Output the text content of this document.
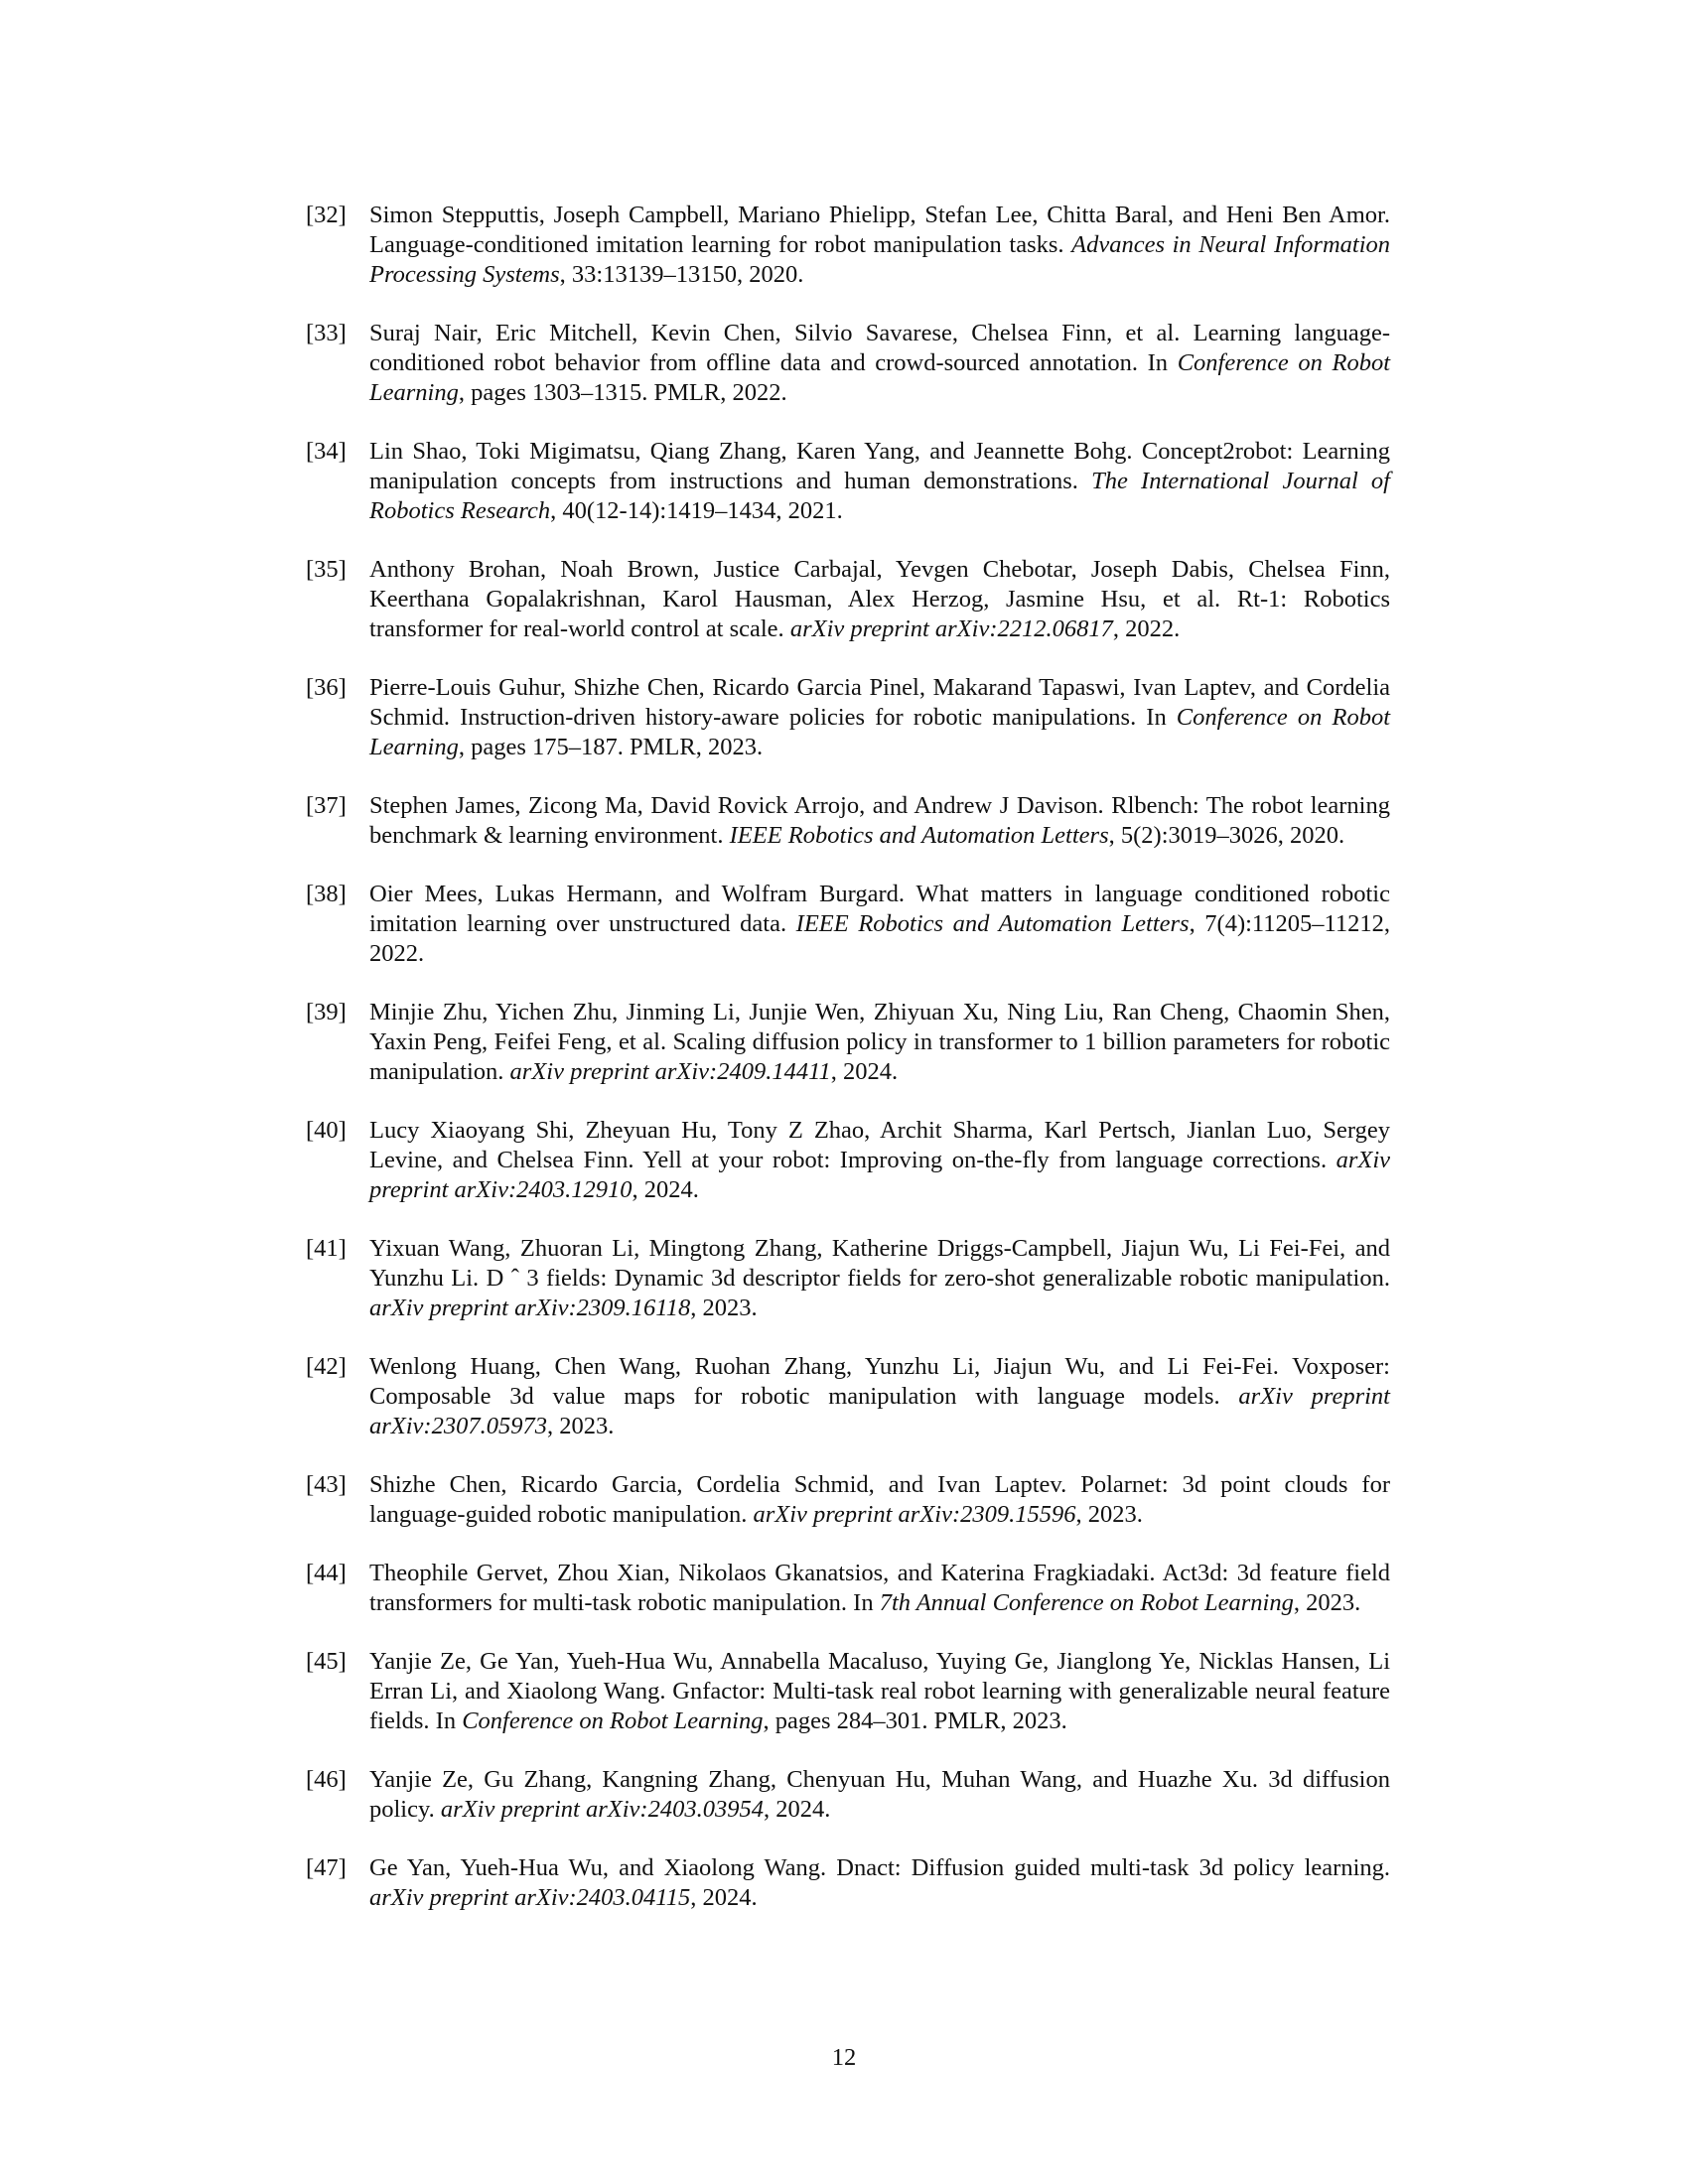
[32] Simon Stepputtis, Joseph Campbell, Mariano Phielipp, Stefan Lee, Chitta Baral, and Heni Ben Amor. Language-conditioned imitation learning for robot manipulation tasks. Advances in Neural Information Processing Systems, 33:13139–13150, 2020.
[33] Suraj Nair, Eric Mitchell, Kevin Chen, Silvio Savarese, Chelsea Finn, et al. Learning language-conditioned robot behavior from offline data and crowd-sourced annotation. In Conference on Robot Learning, pages 1303–1315. PMLR, 2022.
[34] Lin Shao, Toki Migimatsu, Qiang Zhang, Karen Yang, and Jeannette Bohg. Concept2robot: Learning manipulation concepts from instructions and human demonstrations. The International Journal of Robotics Research, 40(12-14):1419–1434, 2021.
[35] Anthony Brohan, Noah Brown, Justice Carbajal, Yevgen Chebotar, Joseph Dabis, Chelsea Finn, Keerthana Gopalakrishnan, Karol Hausman, Alex Herzog, Jasmine Hsu, et al. Rt-1: Robotics transformer for real-world control at scale. arXiv preprint arXiv:2212.06817, 2022.
[36] Pierre-Louis Guhur, Shizhe Chen, Ricardo Garcia Pinel, Makarand Tapaswi, Ivan Laptev, and Cordelia Schmid. Instruction-driven history-aware policies for robotic manipulations. In Conference on Robot Learning, pages 175–187. PMLR, 2023.
[37] Stephen James, Zicong Ma, David Rovick Arrojo, and Andrew J Davison. Rlbench: The robot learning benchmark & learning environment. IEEE Robotics and Automation Letters, 5(2):3019–3026, 2020.
[38] Oier Mees, Lukas Hermann, and Wolfram Burgard. What matters in language conditioned robotic imitation learning over unstructured data. IEEE Robotics and Automation Letters, 7(4):11205–11212, 2022.
[39] Minjie Zhu, Yichen Zhu, Jinming Li, Junjie Wen, Zhiyuan Xu, Ning Liu, Ran Cheng, Chaomin Shen, Yaxin Peng, Feifei Feng, et al. Scaling diffusion policy in transformer to 1 billion parameters for robotic manipulation. arXiv preprint arXiv:2409.14411, 2024.
[40] Lucy Xiaoyang Shi, Zheyuan Hu, Tony Z Zhao, Archit Sharma, Karl Pertsch, Jianlan Luo, Sergey Levine, and Chelsea Finn. Yell at your robot: Improving on-the-fly from language corrections. arXiv preprint arXiv:2403.12910, 2024.
[41] Yixuan Wang, Zhuoran Li, Mingtong Zhang, Katherine Driggs-Campbell, Jiajun Wu, Li Fei-Fei, and Yunzhu Li. D ˆ 3 fields: Dynamic 3d descriptor fields for zero-shot generalizable robotic manipulation. arXiv preprint arXiv:2309.16118, 2023.
[42] Wenlong Huang, Chen Wang, Ruohan Zhang, Yunzhu Li, Jiajun Wu, and Li Fei-Fei. Voxposer: Composable 3d value maps for robotic manipulation with language models. arXiv preprint arXiv:2307.05973, 2023.
[43] Shizhe Chen, Ricardo Garcia, Cordelia Schmid, and Ivan Laptev. Polarnet: 3d point clouds for language-guided robotic manipulation. arXiv preprint arXiv:2309.15596, 2023.
[44] Theophile Gervet, Zhou Xian, Nikolaos Gkanatsios, and Katerina Fragkiadaki. Act3d: 3d feature field transformers for multi-task robotic manipulation. In 7th Annual Conference on Robot Learning, 2023.
[45] Yanjie Ze, Ge Yan, Yueh-Hua Wu, Annabella Macaluso, Yuying Ge, Jianglong Ye, Nicklas Hansen, Li Erran Li, and Xiaolong Wang. Gnfactor: Multi-task real robot learning with generalizable neural feature fields. In Conference on Robot Learning, pages 284–301. PMLR, 2023.
[46] Yanjie Ze, Gu Zhang, Kangning Zhang, Chenyuan Hu, Muhan Wang, and Huazhe Xu. 3d diffusion policy. arXiv preprint arXiv:2403.03954, 2024.
[47] Ge Yan, Yueh-Hua Wu, and Xiaolong Wang. Dnact: Diffusion guided multi-task 3d policy learning. arXiv preprint arXiv:2403.04115, 2024.
12
